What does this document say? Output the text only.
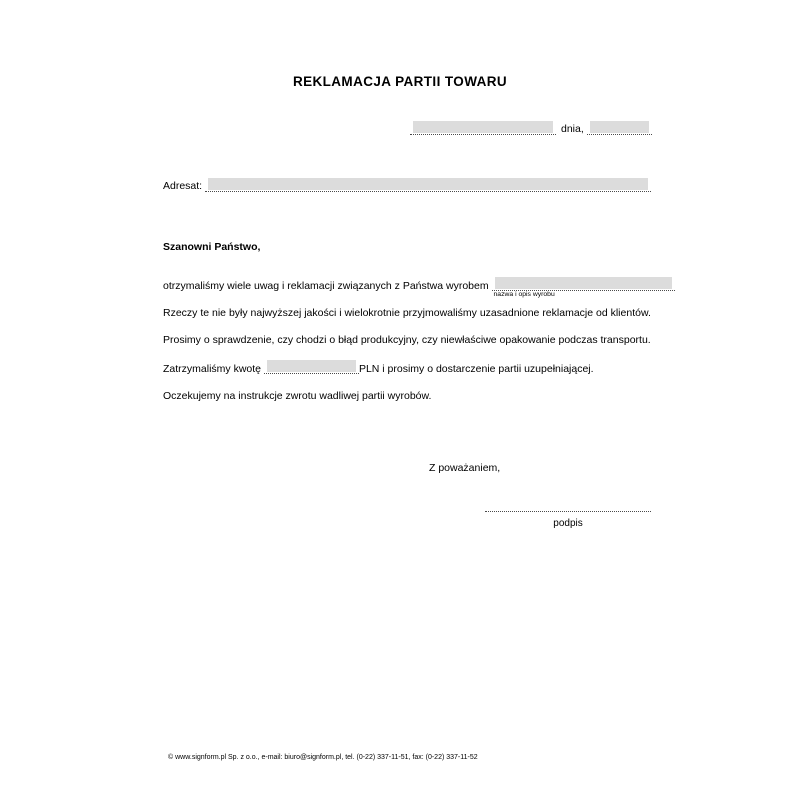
REKLAMACJA PARTII TOWARU
dnia,
Adresat:
Szanowni Państwo,
otrzymaliśmy wiele uwag i reklamacji związanych z Państwa wyrobem
nazwa i opis wyrobu
Rzeczy te nie były najwyższej jakości i wielokrotnie przyjmowaliśmy uzasadnione reklamacje od klientów.
Prosimy o sprawdzenie, czy chodzi o błąd produkcyjny, czy niewłaściwe opakowanie podczas transportu.
Zatrzymaliśmy kwotę	PLN i prosimy o dostarczenie partii uzupełniającej.
Oczekujemy na instrukcje zwrotu wadliwej partii wyrobów.
Z poważaniem,
podpis
© www.signform.pl Sp. z o.o., e-mail: biuro@signform.pl, tel. (0-22) 337-11-51, fax: (0-22) 337-11-52
